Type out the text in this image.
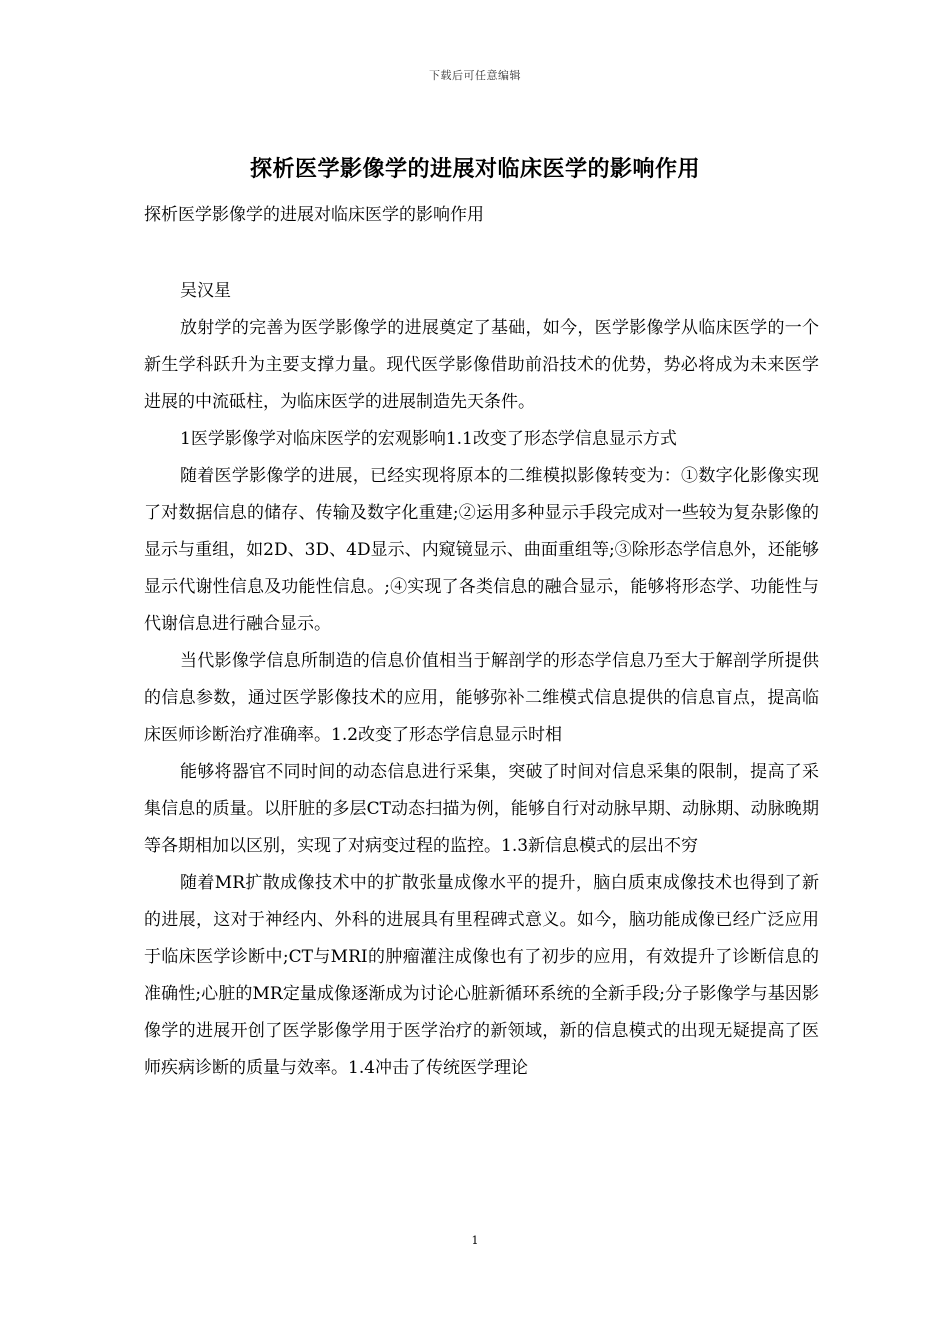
下载后可任意编辑
探析医学影像学的进展对临床医学的影响作用
探析医学影像学的进展对临床医学的影响作用

吴汉星

放射学的完善为医学影像学的进展奠定了基础，如今，医学影像学从临床医学的一个新生学科跃升为主要支撑力量。现代医学影像借助前沿技术的优势，势必将成为未来医学进展的中流砥柱，为临床医学的进展制造先天条件。

1医学影像学对临床医学的宏观影响1.1改变了形态学信息显示方式

随着医学影像学的进展，已经实现将原本的二维模拟影像转变为：①数字化影像实现了对数据信息的储存、传输及数字化重建;②运用多种显示手段完成对一些较为复杂影像的显示与重组，如2D、3D、4D显示、内窥镜显示、曲面重组等;③除形态学信息外，还能够显示代谢性信息及功能性信息。;④实现了各类信息的融合显示，能够将形态学、功能性与代谢信息进行融合显示。

当代影像学信息所制造的信息价值相当于解剖学的形态学信息乃至大于解剖学所提供的信息参数，通过医学影像技术的应用，能够弥补二维模式信息提供的信息盲点，提高临床医师诊断治疗准确率。1.2改变了形态学信息显示时相

能够将器官不同时间的动态信息进行采集，突破了时间对信息采集的限制，提高了采集信息的质量。以肝脏的多层CT动态扫描为例，能够自行对动脉早期、动脉期、动脉晚期等各期相加以区别，实现了对病变过程的监控。1.3新信息模式的层出不穷

随着MR扩散成像技术中的扩散张量成像水平的提升，脑白质束成像技术也得到了新的进展，这对于神经内、外科的进展具有里程碑式意义。如今，脑功能成像已经广泛应用于临床医学诊断中;CT与MRI的肿瘤灌注成像也有了初步的应用，有效提升了诊断信息的准确性;心脏的MR定量成像逐渐成为讨论心脏新循环系统的全新手段;分子影像学与基因影像学的进展开创了医学影像学用于医学治疗的新领域，新的信息模式的出现无疑提高了医师疾病诊断的质量与效率。1.4冲击了传统医学理论

1
